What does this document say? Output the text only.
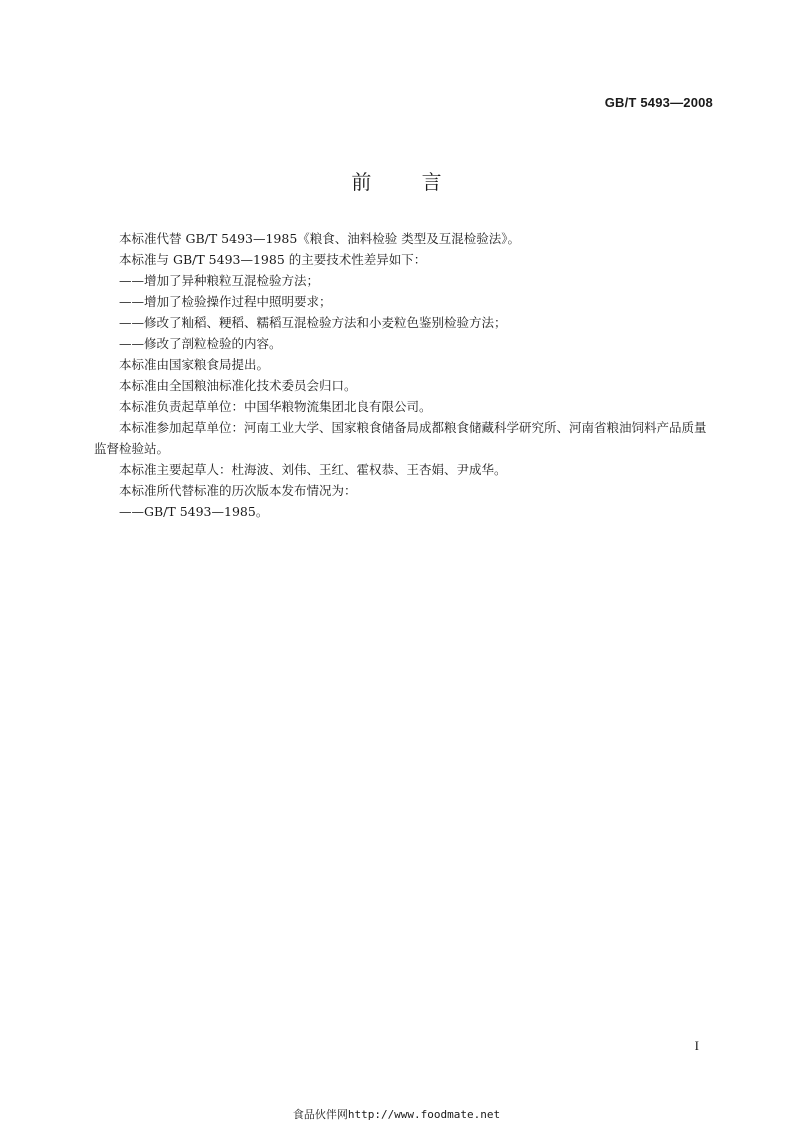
GB/T 5493—2008
前 言

本标准代替 GB/T 5493—1985《粮食、油料检验 类型及互混检验法》。

本标准与 GB/T 5493—1985 的主要技术性差异如下：

——增加了异种粮粒互混检验方法；

——增加了检验操作过程中照明要求；

——修改了籼稻、粳稻、糯稻互混检验方法和小麦粒色鉴别检验方法；

——修改了剖粒检验的内容。

本标准由国家粮食局提出。

本标准由全国粮油标准化技术委员会归口。

本标准负责起草单位：中国华粮物流集团北良有限公司。

本标准参加起草单位：河南工业大学、国家粮食储备局成都粮食储藏科学研究所、河南省粮油饲料产品质量监督检验站。

本标准主要起草人：杜海波、刘伟、王红、霍权恭、王杏娟、尹成华。

本标准所代替标准的历次版本发布情况为：

——GB/T 5493—1985。

I
食品伙伴网http://www.foodmate.net
